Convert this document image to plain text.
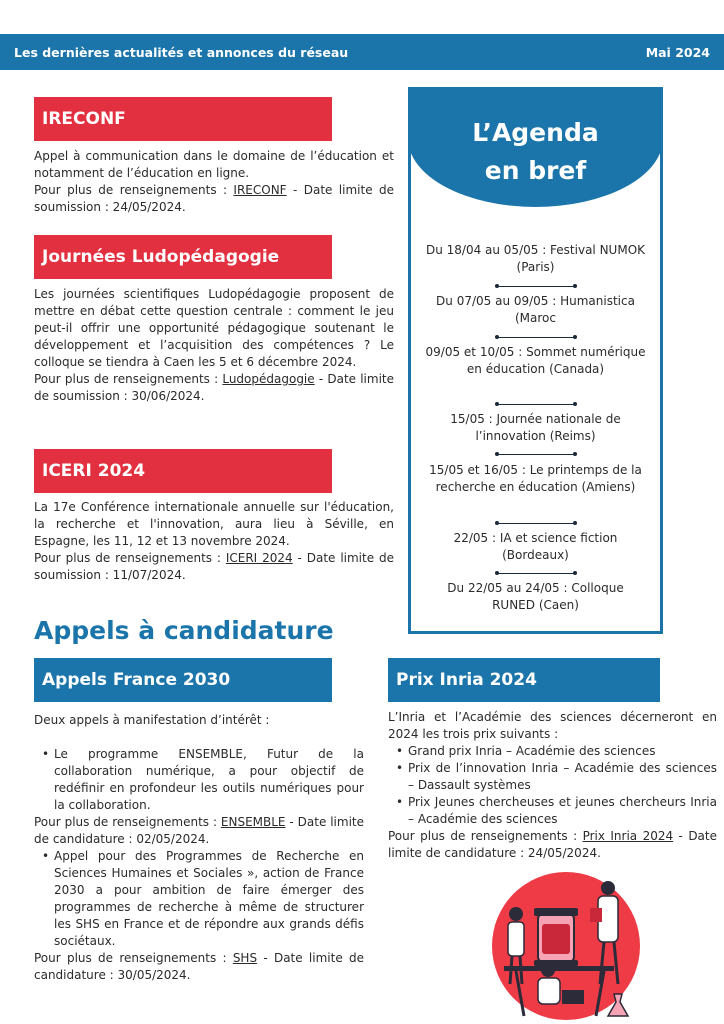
Les dernières actualités et annonces du réseau	Mai 2024
IRECONF

Appel à communication dans le domaine de l’éducation et notamment de l’éducation en ligne.

Pour plus de renseignements : IRECONF - Date limite de soumission : 24/05/2024.

Journées Ludopédagogie

Les journées scientifiques Ludopédagogie proposent de mettre en débat cette question centrale : comment le jeu peut-il offrir une opportunité pédagogique soutenant le développement et l’acquisition des compétences ? Le colloque se tiendra à Caen les 5 et 6 décembre 2024.

Pour plus de renseignements : Ludopédagogie - Date limite de soumission : 30/06/2024.

ICERI 2024

La 17e Conférence internationale annuelle sur l'éducation, la recherche et l'innovation, aura lieu à Séville, en Espagne, les 11, 12 et 13 novembre 2024.

Pour plus de renseignements : ICERI 2024 - Date limite de soumission : 11/07/2024.

L’Agenda
en bref
Du 18/04 au 05/05 : Festival NUMOK (Paris)
Du 07/05 au 09/05 : Humanistica (Maroc
09/05 et 10/05 : Sommet numérique en éducation (Canada)
15/05 : Journée nationale de l’innovation (Reims)
15/05 et 16/05 : Le printemps de la recherche en éducation (Amiens)
22/05 : IA et science fiction (Bordeaux)
Du 22/05 au 24/05 : Colloque RUNED (Caen)
Appels à candidature
Appels France 2030

Deux appels à manifestation d’intérêt :

• Le programme ENSEMBLE, Futur de la collaboration numérique, a pour objectif de redéfinir en profondeur les outils numériques pour la collaboration.

Pour plus de renseignements : ENSEMBLE - Date limite de candidature : 02/05/2024.

• Appel pour des Programmes de Recherche en Sciences Humaines et Sociales », action de France 2030 a pour ambition de faire émerger des programmes de recherche à même de structurer les SHS en France et de répondre aux grands défis sociétaux.

Pour plus de renseignements : SHS - Date limite de candidature : 30/05/2024.

Prix Inria 2024

L’Inria et l’Académie des sciences décerneront en 2024 les trois prix suivants :

• Grand prix Inria – Académie des sciences
• Prix de l’innovation Inria – Académie des sciences – Dassault systèmes
• Prix Jeunes chercheuses et jeunes chercheurs Inria – Académie des sciences

Pour plus de renseignements : Prix Inria 2024 - Date limite de candidature : 24/05/2024.
